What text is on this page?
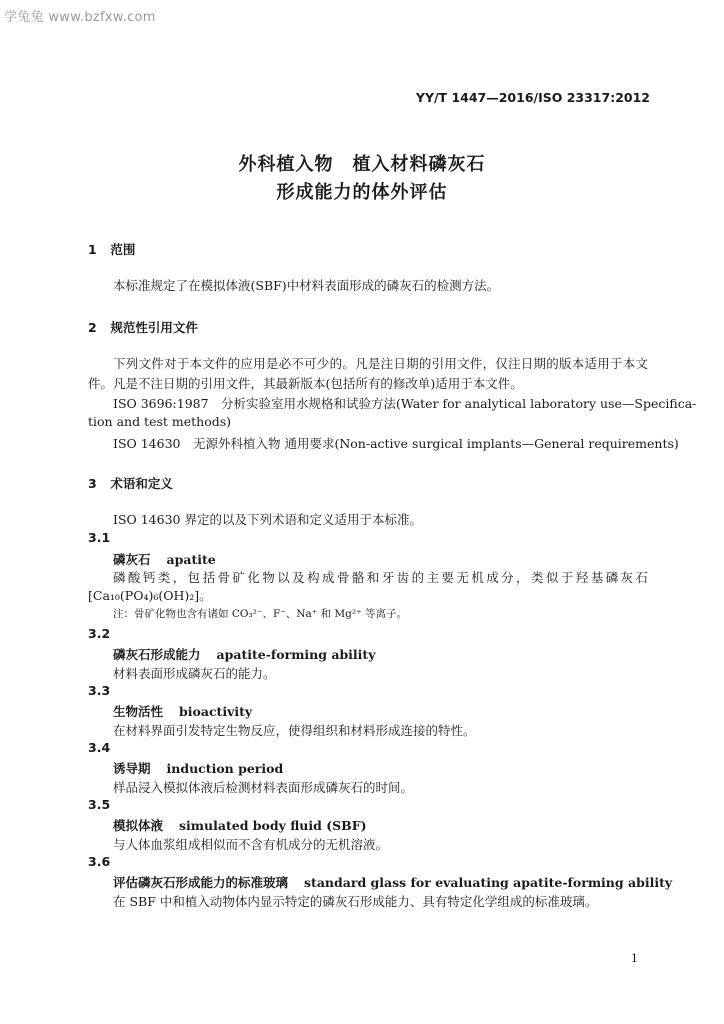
学兔兔 www.bzfxw.com
YY/T 1447—2016/ISO 23317:2012
外科植入物　植入材料磷灰石
形成能力的体外评估
1 范围
本标准规定了在模拟体液(SBF)中材料表面形成的磷灰石的检测方法。
2 规范性引用文件
下列文件对于本文件的应用是必不可少的。凡是注日期的引用文件，仅注日期的版本适用于本文
件。凡是不注日期的引用文件，其最新版本(包括所有的修改单)适用于本文件。
ISO 3696:1987　分析实验室用水规格和试验方法(Water for analytical laboratory use—Specifica-
tion and test methods)
ISO 14630　无源外科植入物 通用要求(Non-active surgical implants—General requirements)
3 术语和定义
ISO 14630 界定的以及下列术语和定义适用于本标准。
3.1
磷灰石 apatite
磷酸钙类，包括骨矿化物以及构成骨骼和牙齿的主要无机成分，类似于羟基磷灰石
[Ca₁₀(PO₄)₆(OH)₂]。
注：骨矿化物也含有诸如 CO₃²⁻、F⁻、Na⁺ 和 Mg²⁺ 等离子。
3.2
磷灰石形成能力 apatite-forming ability
材料表面形成磷灰石的能力。
3.3
生物活性 bioactivity
在材料界面引发特定生物反应，使得组织和材料形成连接的特性。
3.4
诱导期 induction period
样品浸入模拟体液后检测材料表面形成磷灰石的时间。
3.5
模拟体液 simulated body fluid (SBF)
与人体血浆组成相似而不含有机成分的无机溶液。
3.6
评估磷灰石形成能力的标准玻璃 standard glass for evaluating apatite-forming ability
在 SBF 中和植入动物体内显示特定的磷灰石形成能力、具有特定化学组成的标准玻璃。
1
